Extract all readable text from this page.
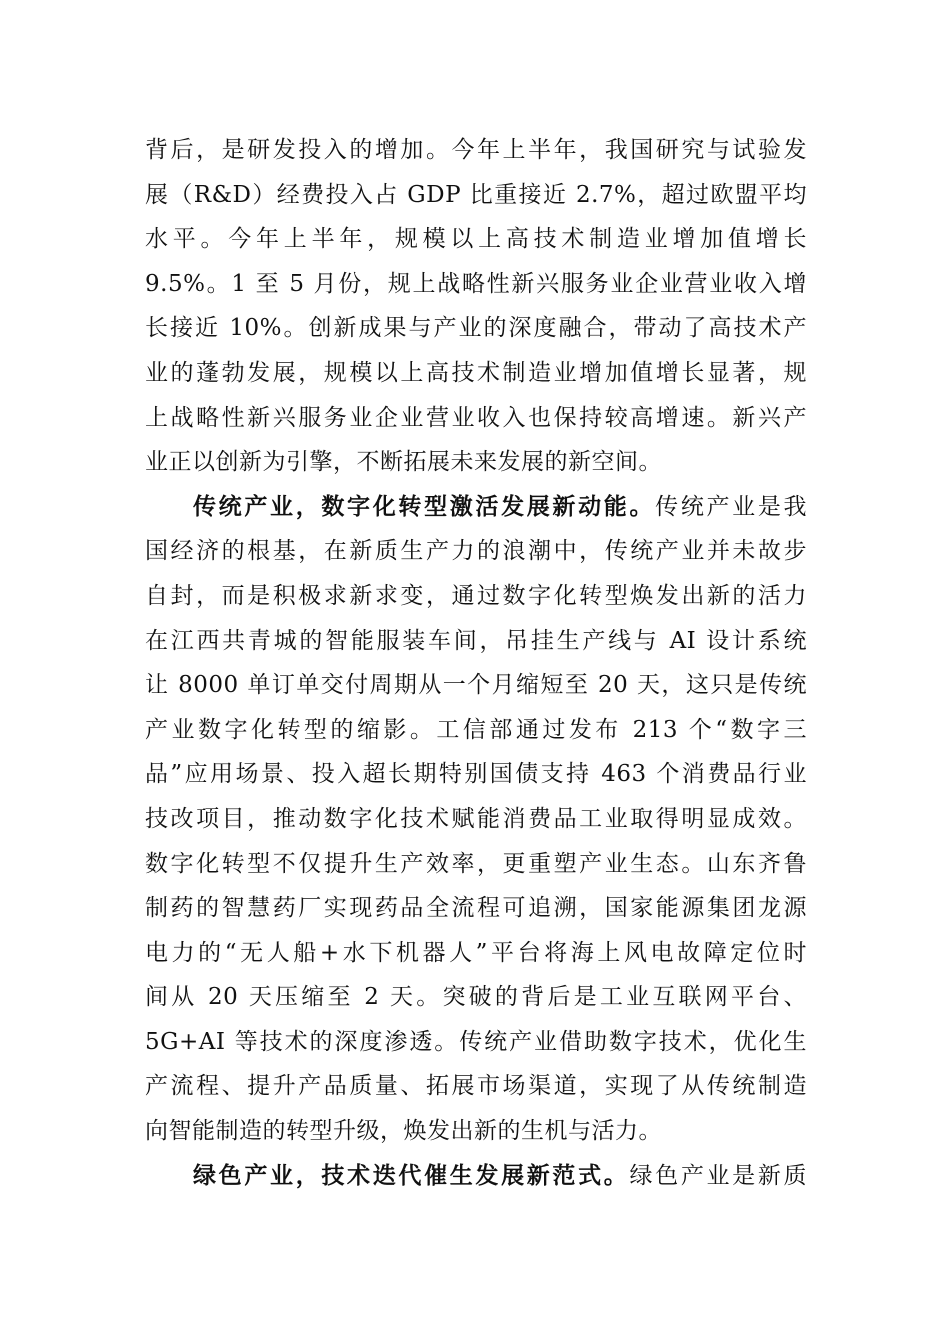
背后，是研发投入的增加。今年上半年，我国研究与试验发
展（R&D）经费投入占 GDP 比重接近 2.7%，超过欧盟平均
水平。今年上半年，规模以上高技术制造业增加值增长
9.5%。1 至 5 月份，规上战略性新兴服务业企业营业收入增
长接近 10%。创新成果与产业的深度融合，带动了高技术产
业的蓬勃发展，规模以上高技术制造业增加值增长显著，规
上战略性新兴服务业企业营业收入也保持较高增速。新兴产
业正以创新为引擎，不断拓展未来发展的新空间。
传统产业，数字化转型激活发展新动能。传统产业是我
国经济的根基，在新质生产力的浪潮中，传统产业并未故步
自封，而是积极求新求变，通过数字化转型焕发出新的活力
在江西共青城的智能服装车间，吊挂生产线与 AI 设计系统
让 8000 单订单交付周期从一个月缩短至 20 天，这只是传统
产业数字化转型的缩影。工信部通过发布 213 个“数字三
品”应用场景、投入超长期特别国债支持 463 个消费品行业
技改项目，推动数字化技术赋能消费品工业取得明显成效。
数字化转型不仅提升生产效率，更重塑产业生态。山东齐鲁
制药的智慧药厂实现药品全流程可追溯，国家能源集团龙源
电力的“无人船+水下机器人”平台将海上风电故障定位时
间从 20 天压缩至 2 天。突破的背后是工业互联网平台、
5G+AI 等技术的深度渗透。传统产业借助数字技术，优化生
产流程、提升产品质量、拓展市场渠道，实现了从传统制造
向智能制造的转型升级，焕发出新的生机与活力。
绿色产业，技术迭代催生发展新范式。绿色产业是新质
